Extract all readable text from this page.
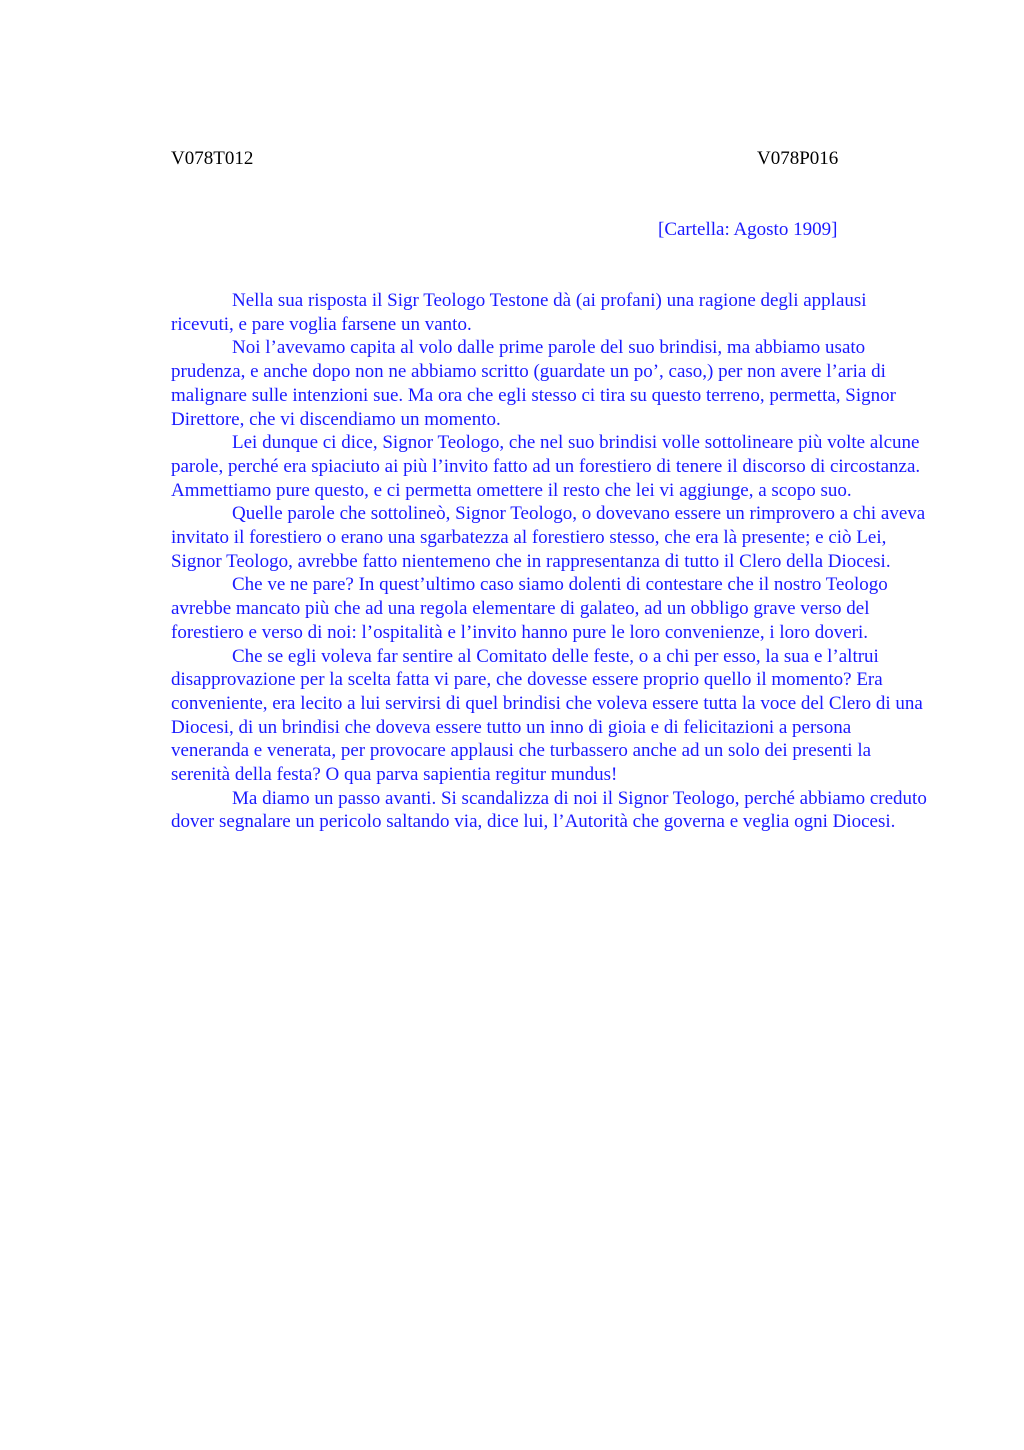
V078T012	V078P016
[Cartella: Agosto 1909]

Nella sua risposta il Sigr Teologo Testone dà (ai profani) una ragione degli applausi ricevuti, e pare voglia farsene un vanto.

Noi l’avevamo capita al volo dalle prime parole del suo brindisi, ma abbiamo usato prudenza, e anche dopo non ne abbiamo scritto (guardate un po’, caso,) per non avere l’aria di malignare sulle intenzioni sue. Ma ora che egli stesso ci tira su questo terreno, permetta, Signor Direttore, che vi discendiamo un momento.

Lei dunque ci dice, Signor Teologo, che nel suo brindisi volle sottolineare più volte alcune parole, perché era spiaciuto ai più l’invito fatto ad un forestiero di tenere il discorso di circostanza.

Ammettiamo pure questo, e ci permetta omettere il resto che lei vi aggiunge, a scopo suo.

Quelle parole che sottolineò, Signor Teologo, o dovevano essere un rimprovero a chi aveva invitato il forestiero o erano una sgarbatezza al forestiero stesso, che era là presente; e ciò Lei, Signor Teologo, avrebbe fatto nientemeno che in rappresentanza di tutto il Clero della Diocesi.

Che ve ne pare? In quest’ultimo caso siamo dolenti di contestare che il nostro Teologo avrebbe mancato più che ad una regola elementare di galateo, ad un obbligo grave verso del forestiero e verso di noi: l’ospitalità e l’invito hanno pure le loro convenienze, i loro doveri.

Che se egli voleva far sentire al Comitato delle feste, o a chi per esso, la sua e l’altrui disapprovazione per la scelta fatta vi pare, che dovesse essere proprio quello il momento? Era conveniente, era lecito a lui servirsi di quel brindisi che voleva essere tutta la voce del Clero di una Diocesi, di un brindisi che doveva essere tutto un inno di gioia e di felicitazioni a persona veneranda e venerata, per provocare applausi che turbassero anche ad un solo dei presenti la serenità della festa? O qua parva sapientia regitur mundus!

Ma diamo un passo avanti. Si scandalizza di noi il Signor Teologo, perché abbiamo creduto dover segnalare un pericolo saltando via, dice lui, l’Autorità che governa e veglia ogni Diocesi.
